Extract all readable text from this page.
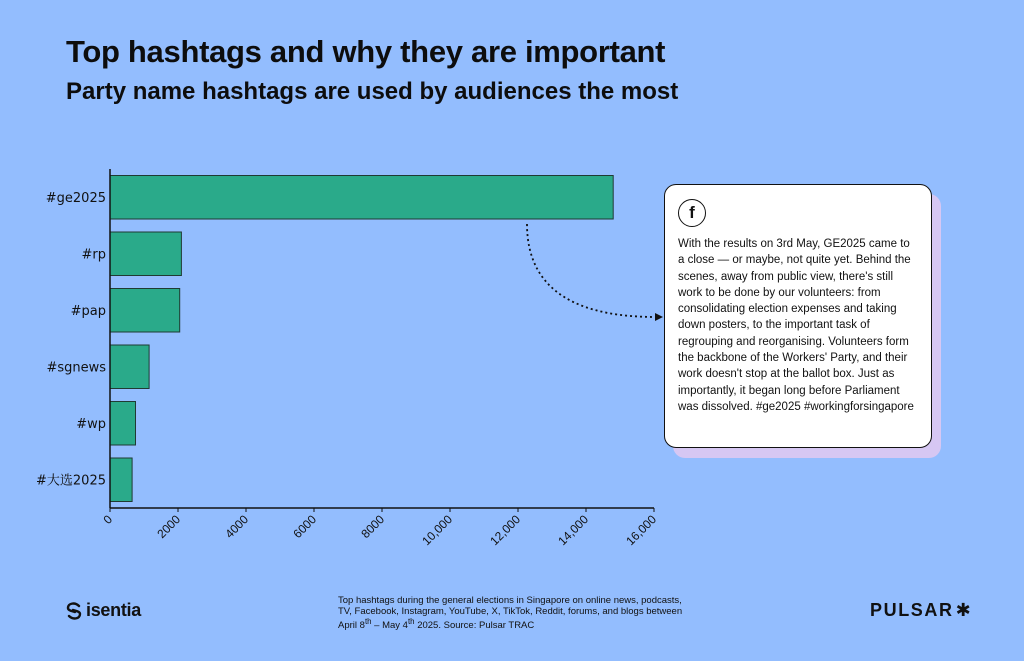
Top hashtags and why they are important
Party name hashtags are used by audiences the most
#ge2025
#rp
#pap
#sgnews
#wp
#大选2025
0	2000	4000	6000	8000	10,000	12,000	14,000	16,000
f

With the results on 3rd May, GE2025 came to a close — or maybe, not quite yet. Behind the scenes, away from public view, there's still work to be done by our volunteers: from consolidating election expenses and taking down posters, to the important task of regrouping and reorganising. Volunteers form the backbone of the Workers' Party, and their work doesn't stop at the ballot box. Just as importantly, it began long before Parliament was dissolved. #ge2025 #workingforsingapore

Top hashtags during the general elections in Singapore on online news, podcasts, TV, Facebook, Instagram, YouTube, X, TikTok, Reddit, forums, and blogs between April 8th – May 4th 2025. Source: Pulsar TRAC

isentia	PULSAR ✱
